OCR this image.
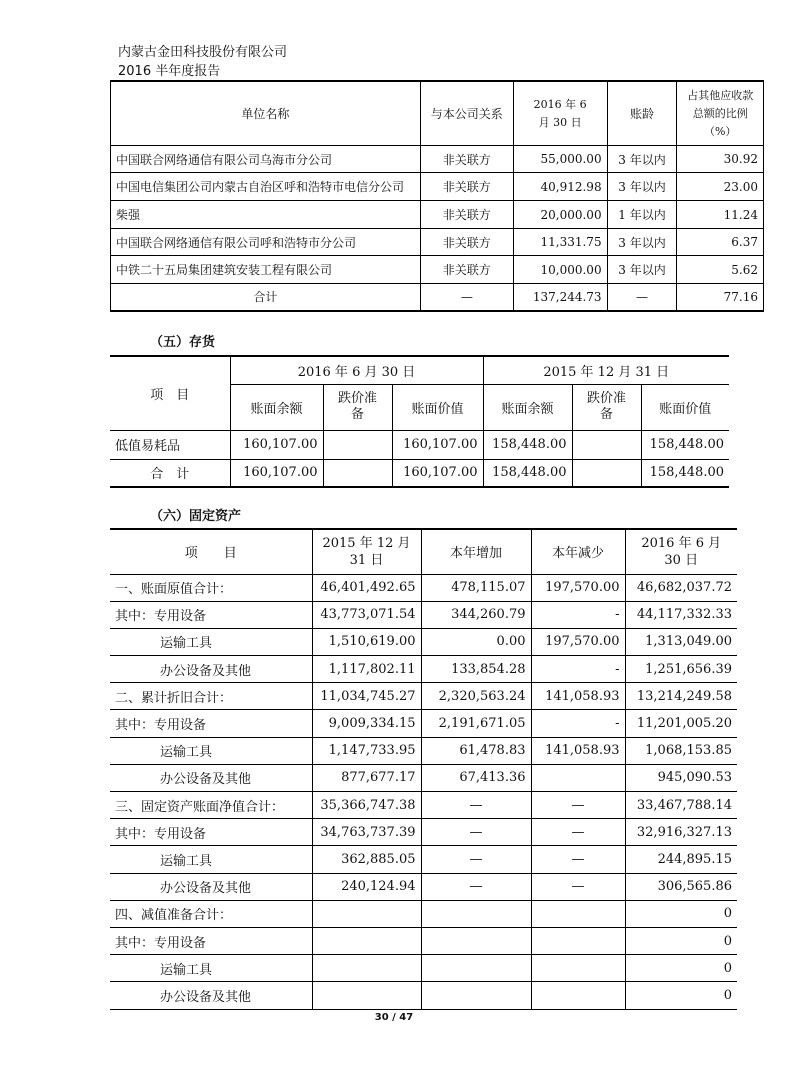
内蒙古金田科技股份有限公司
2016 半年度报告
单位名称	与本公司关系	2016 年 6 月 30 日	账龄	占其他应收款总额的比例（%）
中国联合网络通信有限公司乌海市分公司	非关联方	55,000.00	3 年以内	30.92
中国电信集团公司内蒙古自治区呼和浩特市电信分公司	非关联方	40,912.98	3 年以内	23.00
柴强	非关联方	20,000.00	1 年以内	11.24
中国联合网络通信有限公司呼和浩特市分公司	非关联方	11,331.75	3 年以内	6.37
中铁二十五局集团建筑安装工程有限公司	非关联方	10,000.00	3 年以内	5.62
合计	—	137,244.73	—	77.16
（五）存货
项　目	2016 年 6 月 30 日			2015 年 12 月 31 日		
	账面余额	跌价准备	账面价值	账面余额	跌价准备	账面价值
低值易耗品	160,107.00		160,107.00	158,448.00		158,448.00
合　计	160,107.00		160,107.00	158,448.00		158,448.00
（六）固定资产
项　　目	2015 年 12 月 31 日	本年增加	本年减少	2016 年 6 月 30 日
一、账面原值合计：	46,401,492.65	478,115.07	197,570.00	46,682,037.72
其中：专用设备	43,773,071.54	344,260.79	-	44,117,332.33
运输工具	1,510,619.00	0.00	197,570.00	1,313,049.00
办公设备及其他	1,117,802.11	133,854.28	-	1,251,656.39
二、累计折旧合计：	11,034,745.27	2,320,563.24	141,058.93	13,214,249.58
其中：专用设备	9,009,334.15	2,191,671.05	-	11,201,005.20
运输工具	1,147,733.95	61,478.83	141,058.93	1,068,153.85
办公设备及其他	877,677.17	67,413.36		945,090.53
三、固定资产账面净值合计：	35,366,747.38	—	—	33,467,788.14
其中：专用设备	34,763,737.39	—	—	32,916,327.13
运输工具	362,885.05	—	—	244,895.15
办公设备及其他	240,124.94	—	—	306,565.86
四、减值准备合计：				0
其中：专用设备				0
运输工具				0
办公设备及其他				0
30 / 47
